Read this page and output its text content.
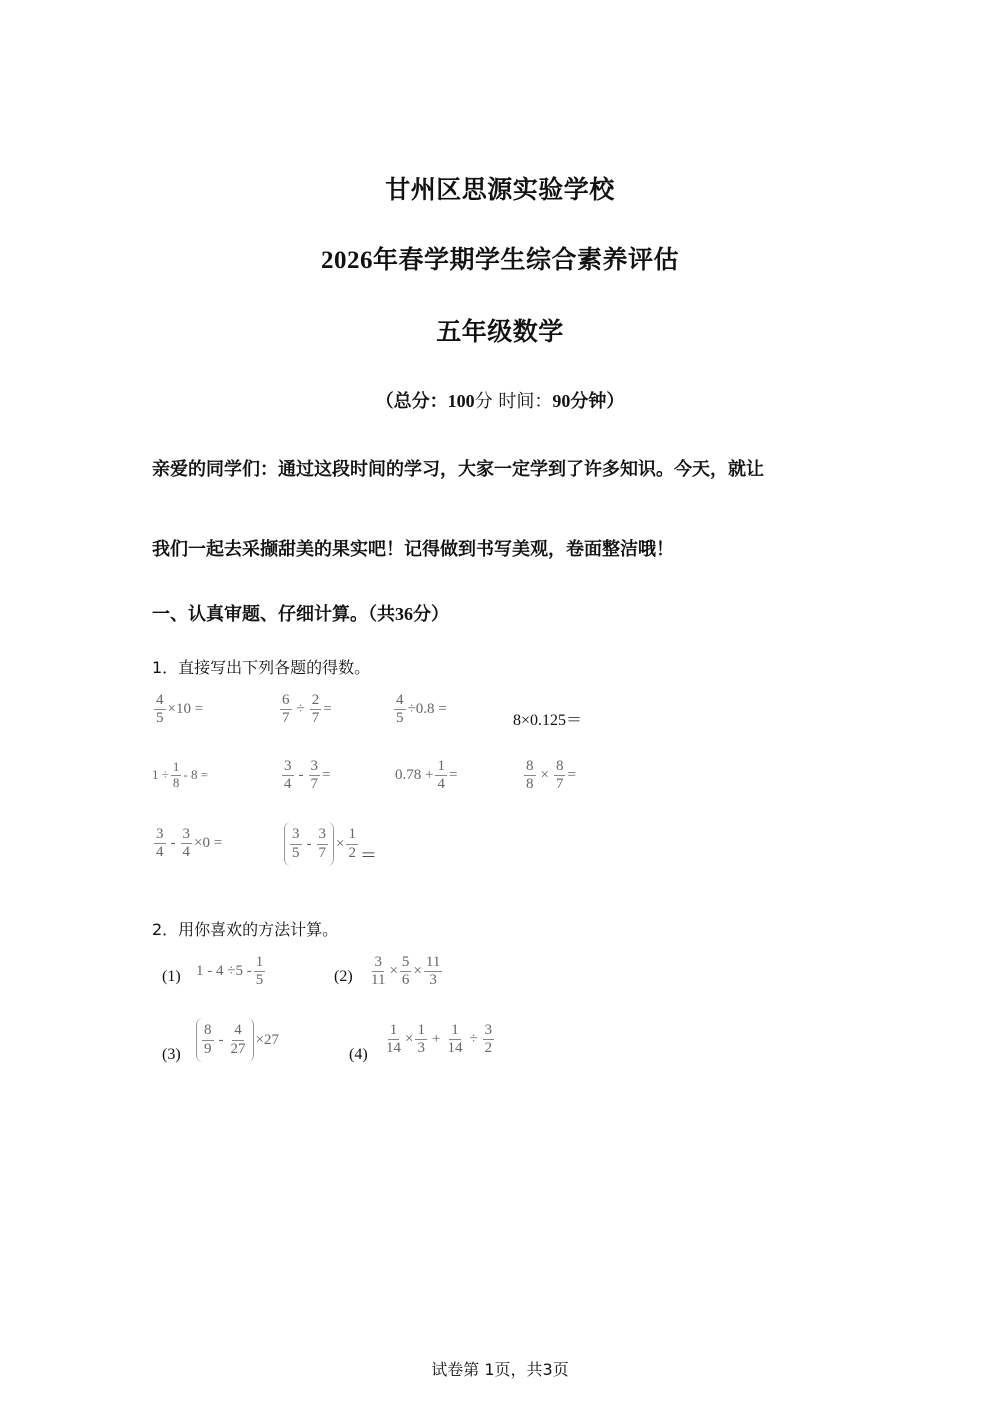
甘州区思源实验学校
2026年春学期学生综合素养评估
五年级数学
（总分：100分 时间：90分钟）
亲爱的同学们：通过这段时间的学习，大家一定学到了许多知识。今天，就让
我们一起去采撷甜美的果实吧！记得做到书写美观，卷面整洁哦！
一、认真审题、仔细计算。（共36分）
1．直接写出下列各题的得数。
$\frac{4}{5} \times 10$ =	$\frac{6}{7} \div \frac{2}{7}$ =	$\frac{4}{5} \div 0.8$ =
8×0.125＝
$1 \div \frac{1}{8} - 8$ =	$\frac{3}{4} - \frac{3}{7}$ =	$0.78 + \frac{1}{4}$ =	$\frac{8}{8} \times \frac{8}{7}$ =
$\frac{3}{4} - \frac{3}{4} \times 0$ =	$\frac{3}{5} - \frac{3}{7} \times \frac{1}{2}$ ＝
2．用你喜欢的方法计算。
(1) $1 - 4 \div 5 - \frac{1}{5}$	$(2) \frac{3}{11} \times \frac{5}{6} \times \frac{11}{3}$
$(3) \frac{8}{9} - \frac{4}{27} \times 27$
$(4) \frac{1}{14} \times \frac{1}{3} + \frac{1}{14} \div \frac{3}{2}$
试卷第 1页，共3页
